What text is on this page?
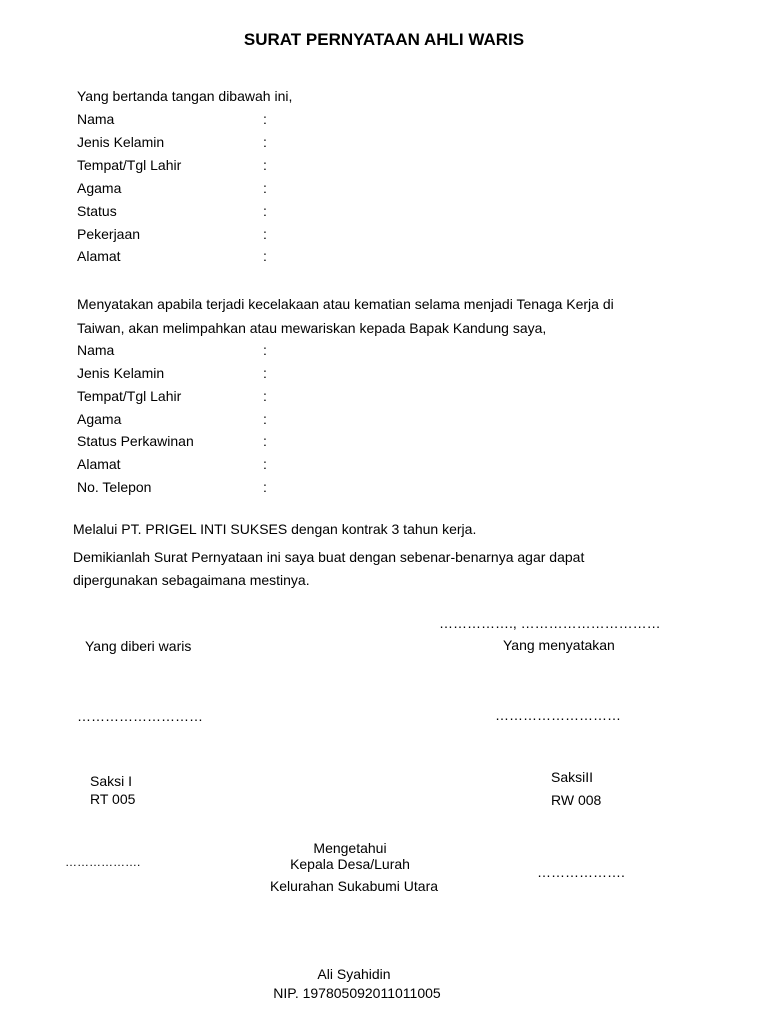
SURAT PERNYATAAN AHLI WARIS
Yang bertanda tangan dibawah ini,
Nama	:
Jenis Kelamin	:
Tempat/Tgl Lahir	:
Agama	:
Status	:
Pekerjaan	:
Alamat	:
Menyatakan apabila terjadi kecelakaan atau kematian selama menjadi Tenaga Kerja di
Taiwan, akan melimpahkan atau mewariskan kepada Bapak Kandung saya,
Nama	:
Jenis Kelamin	:
Tempat/Tgl Lahir	:
Agama	:
Status Perkawinan	:
Alamat	:
No. Telepon	:
Melalui PT. PRIGEL INTI SUKSES dengan kontrak 3 tahun kerja.
Demikianlah Surat Pernyataan ini saya buat dengan sebenar-benarnya agar dapat
dipergunakan sebagaimana mestinya.
……………., …………………………
Yang diberi waris	Yang menyatakan
………………………	………………………
Saksi I
RT 005
SaksiII
RW 008
Mengetahui
Kepala Desa/Lurah
Kelurahan Sukabumi Utara
……………….
……………….
Ali Syahidin
NIP. 197805092011011005
